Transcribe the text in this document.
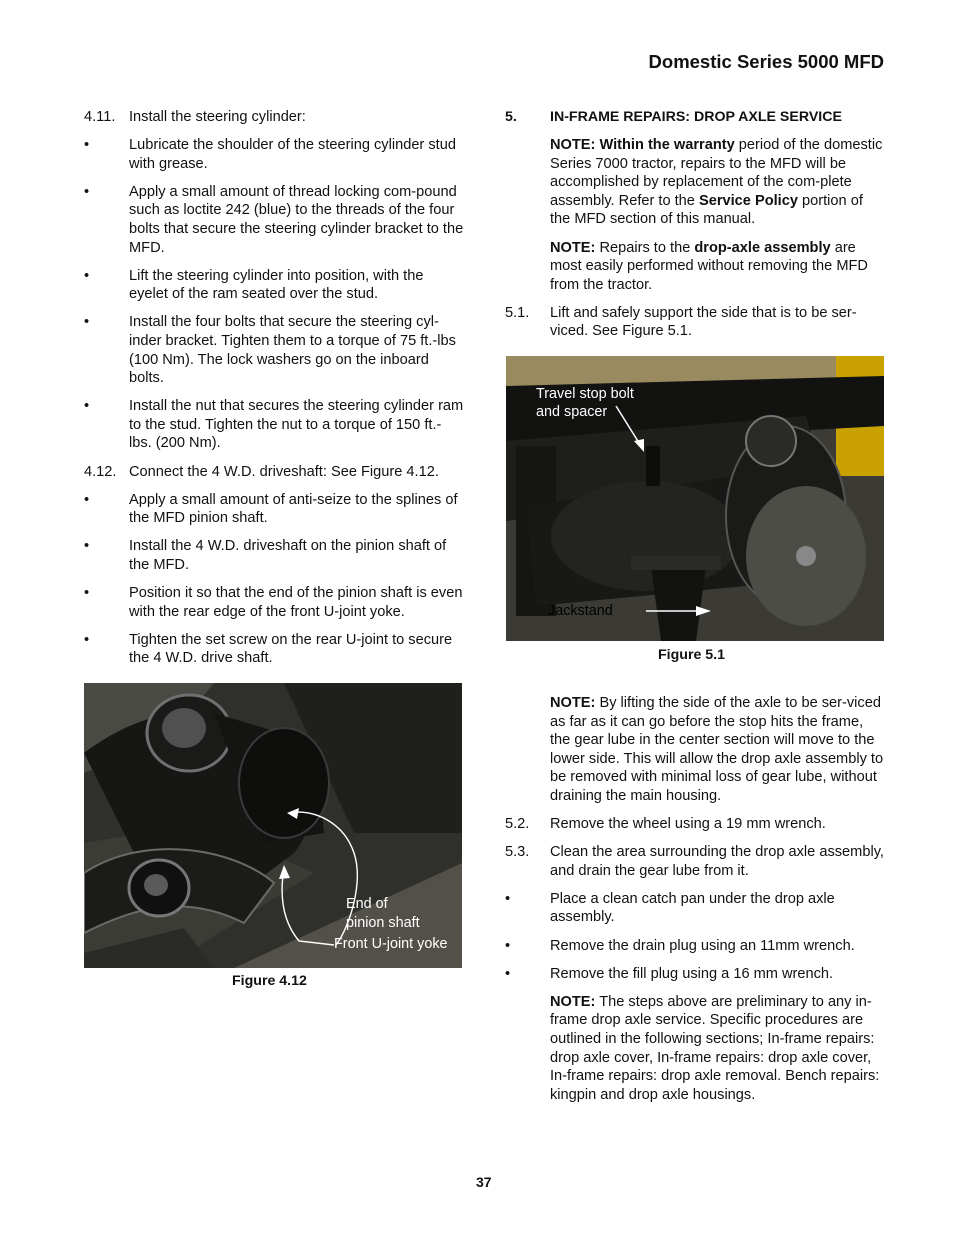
Domestic Series 5000 MFD
4.11. Install the steering cylinder:
•	Lubricate the shoulder of the steering cylinder stud with grease.
•	Apply a small amount of thread locking com-pound such as loctite 242 (blue) to the threads of the four bolts that secure the steering cylinder bracket to the MFD.
•	Lift the steering cylinder into position, with the eyelet of the ram seated over the stud.
•	Install the four bolts that secure the steering cyl-inder bracket. Tighten them to a torque of 75 ft.-lbs (100 Nm). The lock washers go on the inboard bolts.
•	Install the nut that secures the steering cylinder ram to the stud. Tighten the nut to a torque of 150 ft.-lbs. (200 Nm).
4.12. Connect the 4 W.D. driveshaft: See Figure 4.12.
•	Apply a small amount of anti-seize to the splines of the MFD pinion shaft.
•	Install the 4 W.D. driveshaft on the pinion shaft of the MFD.
•	Position it so that the end of the pinion shaft is even with the rear edge of the front U-joint yoke.
•	Tighten the set screw on the rear U-joint to secure the 4 W.D. drive shaft.
End of
pinion shaft
Front U-joint yoke
Figure 4.12
5. IN-FRAME REPAIRS: DROP AXLE SERVICE
NOTE: Within the warranty period of the domestic Series 7000 tractor, repairs to the MFD will be accomplished by replacement of the com-plete assembly. Refer to the Service Policy portion of the MFD section of this manual.
NOTE: Repairs to the drop-axle assembly are most easily performed without removing the MFD from the tractor.
5.1. Lift and safely support the side that is to be ser-viced. See Figure 5.1.
Travel stop bolt
and spacer
Jackstand
Figure 5.1
NOTE: By lifting the side of the axle to be ser-viced as far as it can go before the stop hits the frame, the gear lube in the center section will move to the lower side. This will allow the drop axle assembly to be removed with minimal loss of gear lube, without draining the main housing.
5.2. Remove the wheel using a 19 mm wrench.
5.3. Clean the area surrounding the drop axle assembly, and drain the gear lube from it.
•	Place a clean catch pan under the drop axle assembly.
•	Remove the drain plug using an 11mm wrench.
•	Remove the fill plug using a 16 mm wrench.
NOTE: The steps above are preliminary to any in-frame drop axle service. Specific procedures are outlined in the following sections; In-frame repairs: drop axle cover, In-frame repairs: drop axle cover, In-frame repairs: drop axle removal. Bench repairs: kingpin and drop axle housings.
37
